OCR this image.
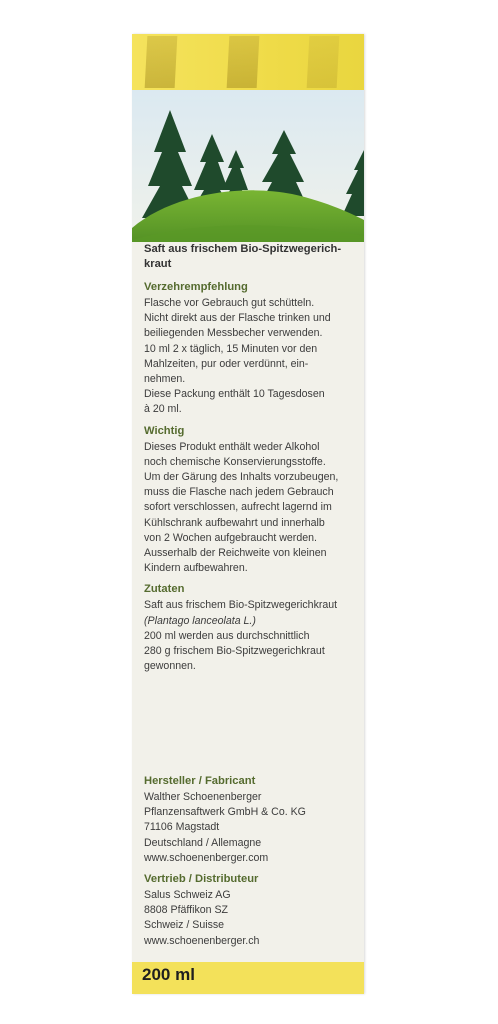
Saft aus frischem Bio-Spitzwegerich-
kraut
Verzehrempfehlung
Flasche vor Gebrauch gut schütteln.
Nicht direkt aus der Flasche trinken und
beiliegenden Messbecher verwenden.
10 ml 2 x täglich, 15 Minuten vor den
Mahlzeiten, pur oder verdünnt, ein-
nehmen.
Diese Packung enthält 10 Tagesdosen
à 20 ml.
Wichtig
Dieses Produkt enthält weder Alkohol
noch chemische Konservierungsstoffe.
Um der Gärung des Inhalts vorzubeugen,
muss die Flasche nach jedem Gebrauch
sofort verschlossen, aufrecht lagernd im
Kühlschrank aufbewahrt und innerhalb
von 2 Wochen aufgebraucht werden.
Ausserhalb der Reichweite von kleinen
Kindern aufbewahren.
Zutaten
Saft aus frischem Bio-Spitzwegerichkraut
(Plantago lanceolata L.)
200 ml werden aus durchschnittlich
280 g frischem Bio-Spitzwegerichkraut
gewonnen.
Hersteller / Fabricant
Walther Schoenenberger
Pflanzensaftwerk GmbH & Co. KG
71106 Magstadt
Deutschland / Allemagne
www.schoenenberger.com
Vertrieb / Distributeur
Salus Schweiz AG
8808 Pfäffikon SZ
Schweiz / Suisse
www.schoenenberger.ch
200 ml
